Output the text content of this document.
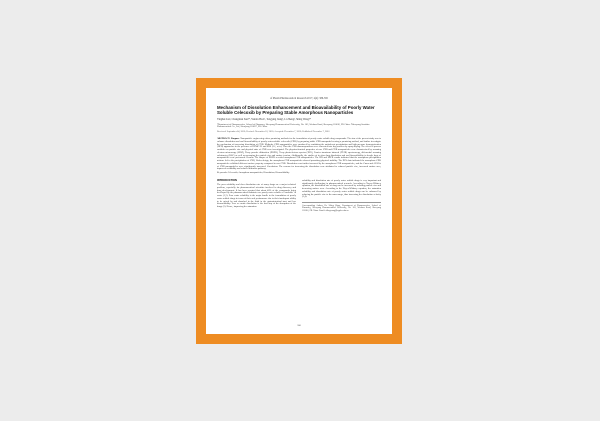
of Pharm Pharmaceutical Research 2017; 4(4): 386-395
Mechanism of Dissolution Enhancement and Bioavailability of Poorly Water Soluble Celecoxib by Preparing Stable Amorphous Nanoparticles
Yinghui Liu¹, Changshan Sun¹*, Yanxin Hao¹², Tongying Jiang¹, Li Zheng¹, Siling Wang¹*
¹Department of Pharmaceutics, School of Pharmacy, Shenyang Pharmaceutical University, No. 103, Wenhua Road, Shenyang 110016, PR China. ²Shenyang Sunshine Pharmaceutical Co., Ltd, Shenyang 110027, PR China.
Received: September 04, 2016; Revised: November 18, 2016; Accepted: December 7, 2016; Published: December 7, 2016
ABSTRACT: Purpose. Nanoparticle engineering offers promising methods for the formulation of poorly water soluble drug compounds. The aim of the present study was to enhance dissolution and oral bioavailability of poorly water-soluble celecoxib (CXB) by preparing stable CXB nanoparticles using a promising method, and further investigate the mechanism of increasing dissolution of CXB. Methods. CXB nanoparticles were produced by combining the antisolvent precipitation and high pressure homogenization (HPH) approaches in the presence of HPMC E5 and SDS (2:1, w/w). Then the CXB nanosuspensions were converted into dry powders by spray-drying. The effect of process variables on particle size and physical state of CXB were investigated. The physicochemical properties of raw CXB and CXB nanoparticles were characterized by scanning electron microscopy (SEM), X-ray powder diffraction (XRPD), X-ray photoelectron spectra (XPS), Fourier transform infrared (FT-IR) spectroscopy, differential scanning calorimetry (DSC) as well as measuring the particle size and surface tension. Additionally, the studies of in vitro drug dissolution and oral bioavailability in beagle dogs of nanoparticles were performed. Results. The shapes of XRPD revealed amorphous CXB nanoparticles. The IPR and SEPB results indicated that the amorphous precipitation mixture led to the precipitation of CXB, Under design, the amorphous CXB nanoparticles showed promising physical stability. The XPS data indicated the amorphous CXB nanoparticles exhibited different surface property compared to raw CXB. Dissolution was further increased by the amorphous CXB nanoparticles, and the Cmax and AUC0-t of CXB nanoparticles were significantly increased. Conclusion. The reasons for increasing the dissolution were attributed to reduced particle size, increased surface area, improved wettability and reduced diffusion pathway.
Keywords: Celecoxib; Amorphous nanoparticles; Dissolution; Bioavailability
INTRODUCTION
The poor solubility and slow dissolution rate of many drugs are a major technical problem, especially for pharmaceutical scientists involved in drug discovery and drug development. It has been reported that about 40% of the compounds being developed by the pharmaceutical industries are poorly water soluble or 'insoluble' in water (1,2). Poor water solubility is the major hurdle to the formulation of poorly water soluble drugs in terms of their oral performance due to their inadequate ability to be mixed by and absorbed in the fluid in the gastrointestinal tract and low bioavailability. Low or erratic dissolution is the first step of the absorption of the drugs (2). Hence, improving the saturation
solubility and dissolution rate of poorly water soluble drugs is very important and significantly challenging in pharmaceutical research. According to Noyes-Whitney equation, the dissolution rate of drug can be increased by reducing particle size and increasing surface area. According to the Noyes-Whitney equation, the saturation solubility and dissolution rate of poorly water soluble drugs can be enhanced by reducing the particle size to the nano-range, thus increasing the dissolution velocity (3,4).
Corresponding Author: Dr. Siling Wang, Department of Pharmaceutics, School of Pharmacy, Shenyang Pharmaceutical University, No. 103, Wenhua Road, Shenyang 110016, PR China. Email: silingwang@syphu.edu.cn
386
